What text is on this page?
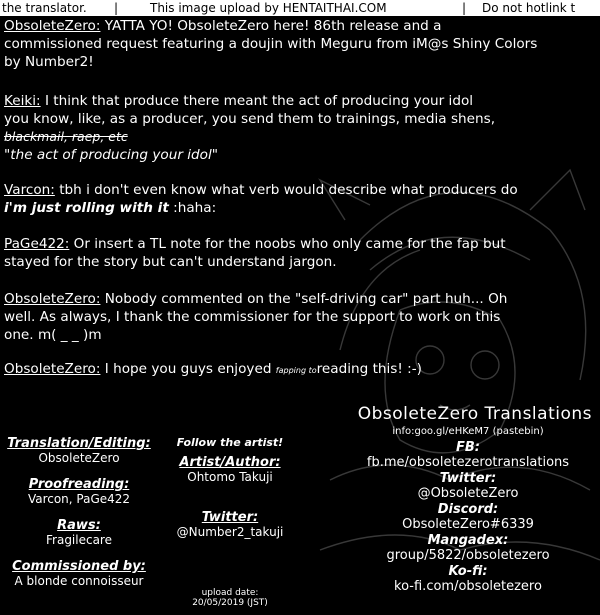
the translator. |	This image upload by HENTAITHAI.COM	| Do not hotlink t
ObsoleteZero: YATTA YO! ObsoleteZero here! 86th release and a
commissioned request featuring a doujin with Meguru from iM@s Shiny Colors
by Number2!
Keiki: I think that produce there meant the act of producing your idol
you know, like, as a producer, you send them to trainings, media shens,
blackmail, raep, etc
"the act of producing your idol"
Varcon: tbh i don't even know what verb would describe what producers do
i'm just rolling with it :haha:
PaGe422: Or insert a TL note for the noobs who only came for the fap but
stayed for the story but can't understand jargon.
ObsoleteZero: Nobody commented on the "self-driving car" part huh... Oh
well. As always, I thank the commissioner for the support to work on this
one. m( _ _ )m
ObsoleteZero: I hope you guys enjoyed fapping toreading this! :-)
ObsoleteZero Translations
Translation/Editing:
ObsoleteZero
Proofreading:
Varcon, PaGe422
Raws:
Fragilecare
Commissioned by:
A blonde connoisseur
Follow the artist!
Artist/Author:
Ohtomo Takuji
Twitter:
@Number2_takuji
upload date:
20/05/2019 (JST)
info:goo.gl/eHKeM7 (pastebin)
FB:
fb.me/obsoletezerotranslations
Twitter:
@ObsoleteZero
Discord:
ObsoleteZero#6339
Mangadex:
group/5822/obsoletezero
Ko-fi:
ko-fi.com/obsoletezero
